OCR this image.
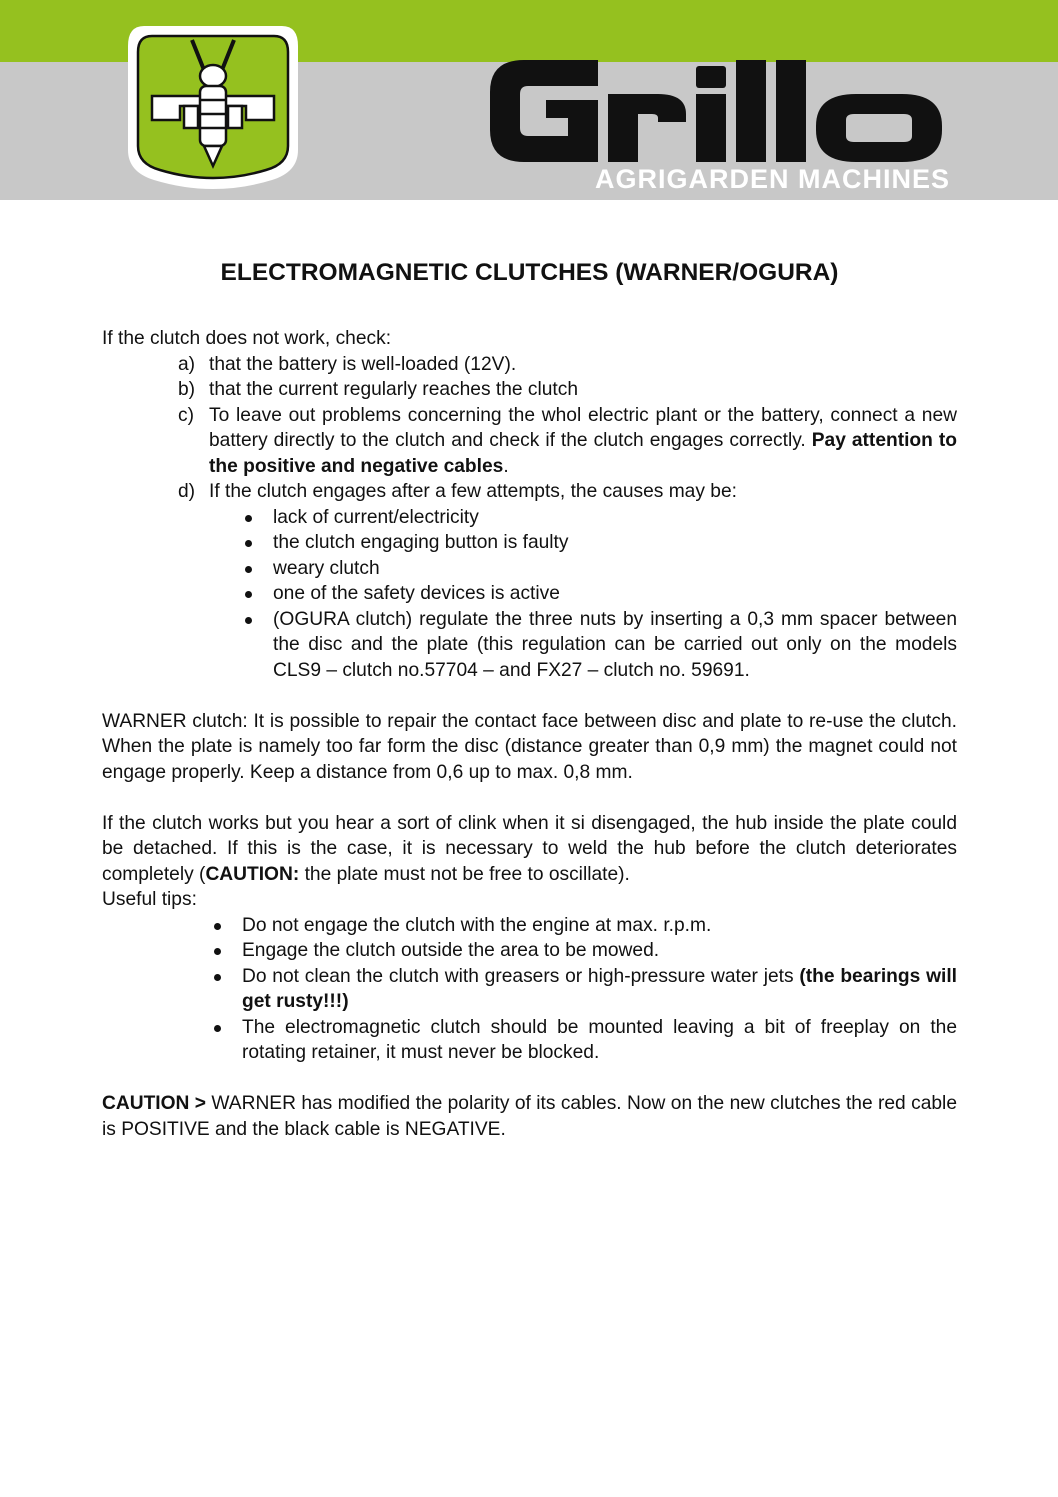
AGRIGARDEN MACHINES
ELECTROMAGNETIC CLUTCHES (WARNER/OGURA)

If the clutch does not work, check:

a) that the battery is well-loaded (12V).
b) that the current regularly reaches the clutch
c) To leave out problems concerning the whol electric plant or the battery, connect a new battery directly to the clutch and check if the clutch engages correctly. Pay attention to the positive and negative cables.
d) If the clutch engages after a few attempts, the causes may be:
lack of current/electricity
the clutch engaging button is faulty
weary clutch
one of the safety devices is active
(OGURA clutch) regulate the three nuts by inserting a 0,3 mm spacer between the disc and the plate (this regulation can be carried out only on the models CLS9 – clutch no.57704 – and FX27 – clutch no. 59691.

WARNER clutch: It is possible to repair the contact face between disc and plate to re-use the clutch. When the plate is namely too far form the disc (distance greater than 0,9 mm) the magnet could not engage properly. Keep a distance from 0,6 up to max. 0,8 mm.

If the clutch works but you hear a sort of clink when it si disengaged, the hub inside the plate could be detached. If this is the case, it is necessary to weld the hub before the clutch deteriorates completely (CAUTION: the plate must not be free to oscillate).

Useful tips:

Do not engage the clutch with the engine at max. r.p.m.
Engage the clutch outside the area to be mowed.
Do not clean the clutch with greasers or high-pressure water jets (the bearings will get rusty!!!)
The electromagnetic clutch should be mounted leaving a bit of freeplay on the rotating retainer, it must never be blocked.

CAUTION > WARNER has modified the polarity of its cables. Now on the new clutches the red cable is POSITIVE and the black cable is NEGATIVE.
